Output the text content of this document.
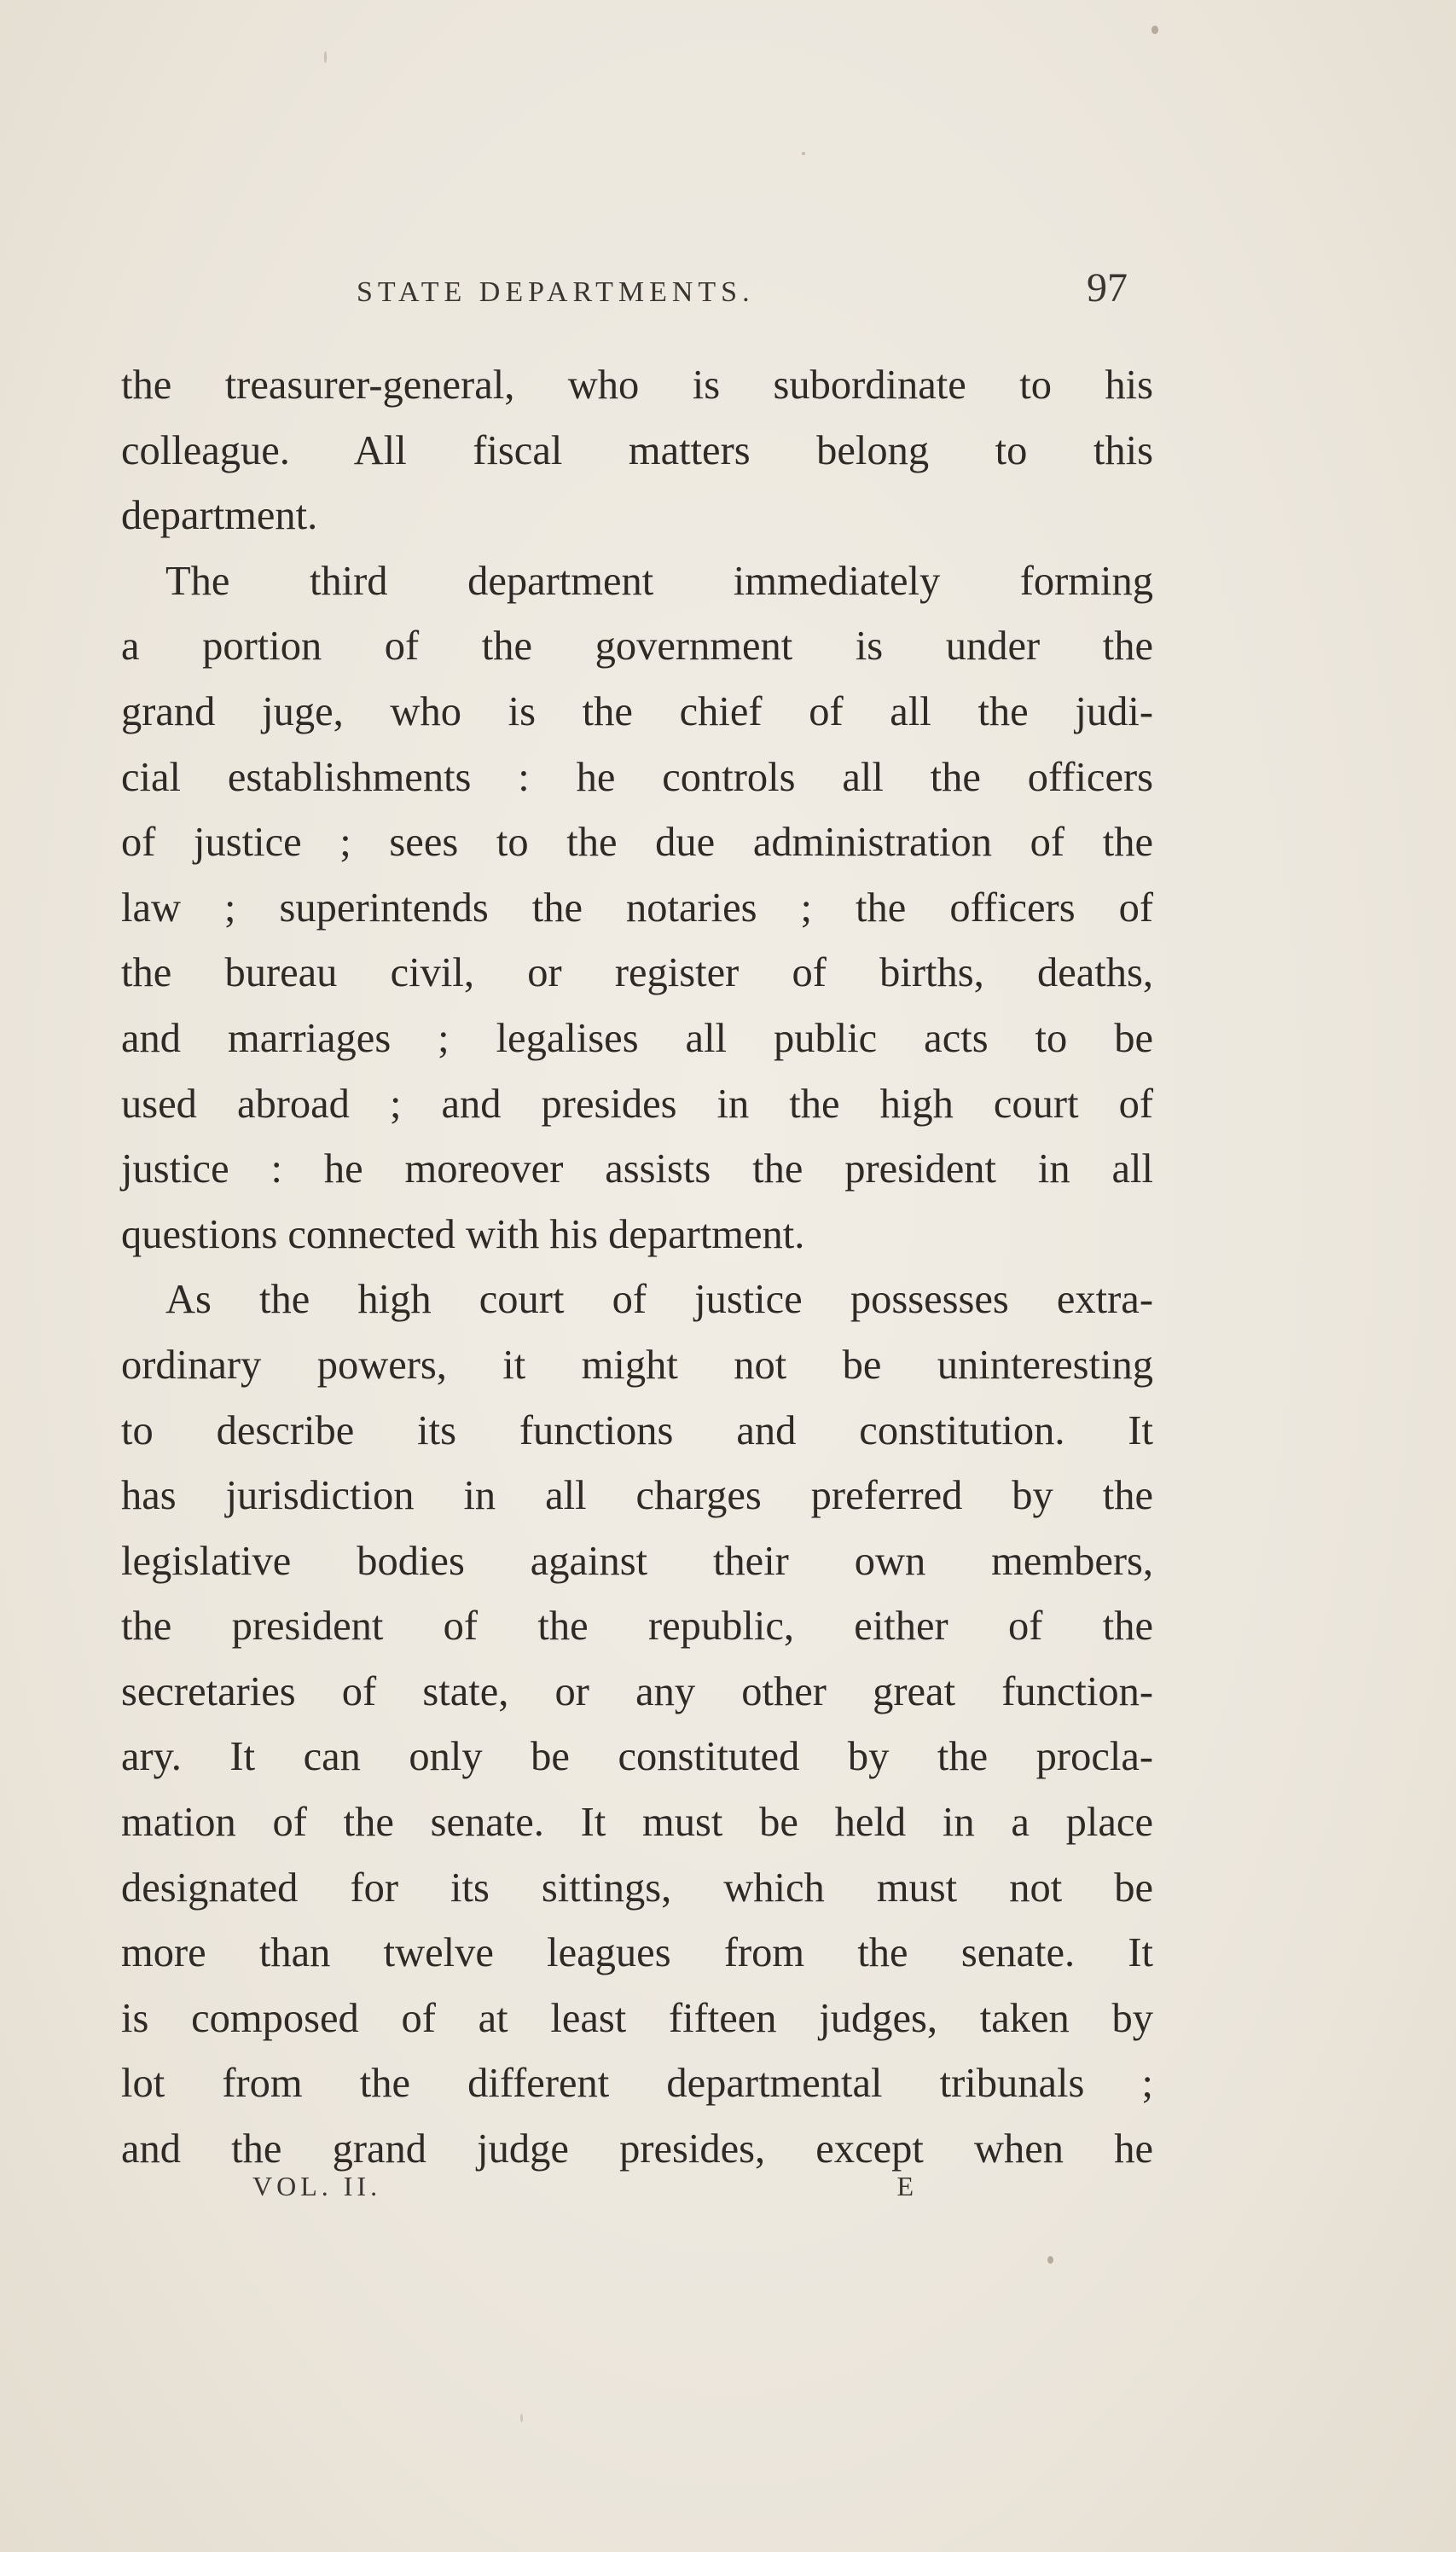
STATE DEPARTMENTS.	97
the treasurer-general, who is subordinate to his
colleague. All fiscal matters belong to this
department.
The third department immediately forming
a portion of the government is under the
grand juge, who is the chief of all the judi-
cial establishments : he controls all the officers
of justice ; sees to the due administration of the
law ; superintends the notaries ; the officers of
the bureau civil, or register of births, deaths,
and marriages ; legalises all public acts to be
used abroad ; and presides in the high court of
justice : he moreover assists the president in all
questions connected with his department.
As the high court of justice possesses extra-
ordinary powers, it might not be uninteresting
to describe its functions and constitution. It
has jurisdiction in all charges preferred by the
legislative bodies against their own members,
the president of the republic, either of the
secretaries of state, or any other great function-
ary. It can only be constituted by the procla-
mation of the senate. It must be held in a place
designated for its sittings, which must not be
more than twelve leagues from the senate. It
is composed of at least fifteen judges, taken by
lot from the different departmental tribunals ;
and the grand judge presides, except when he
VOL. II.	E
